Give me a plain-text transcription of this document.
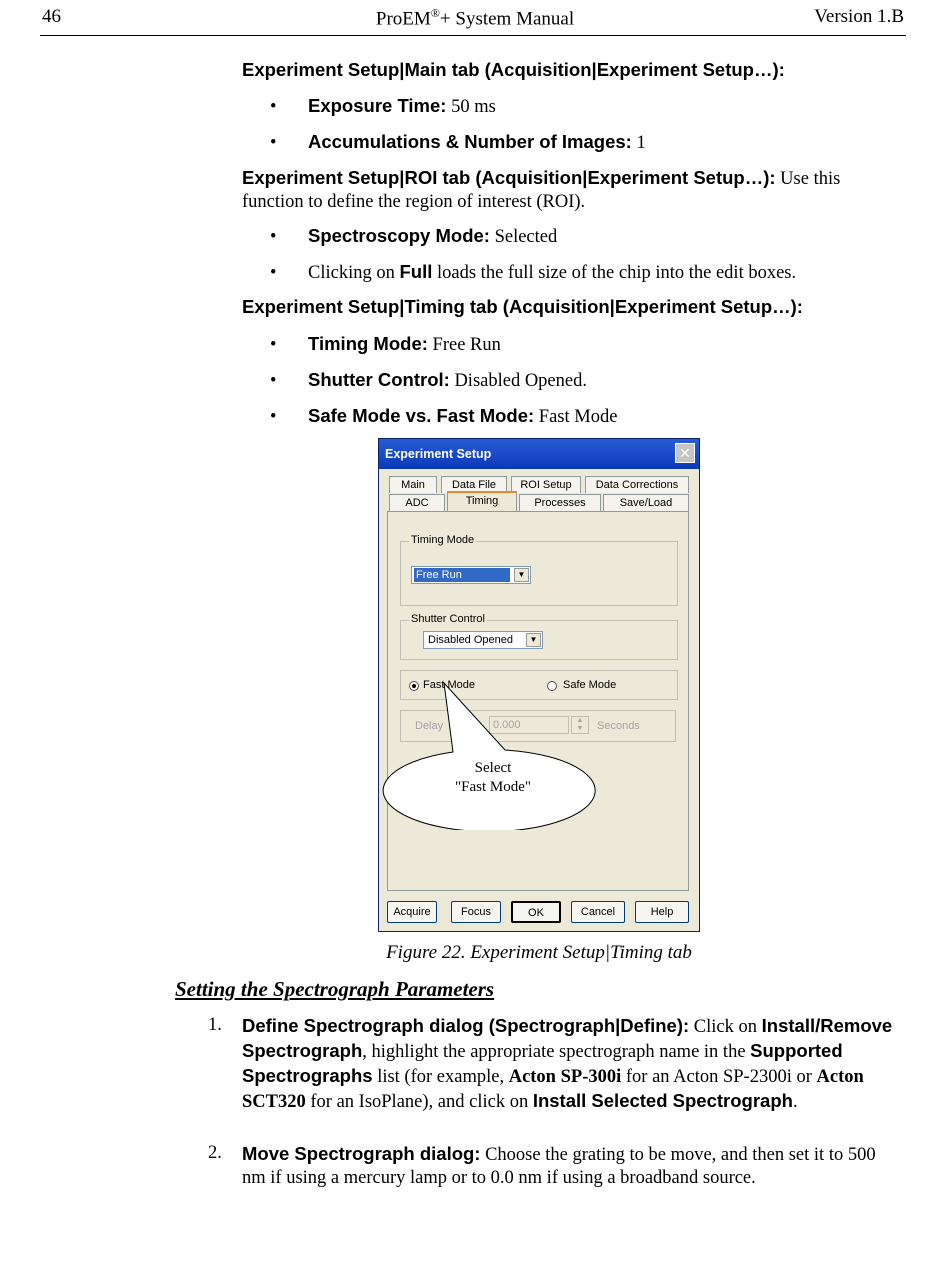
46	ProEM®+ System Manual	Version 1.B
Experiment Setup|Main tab (Acquisition|Experiment Setup…):
• Exposure Time: 50 ms
• Accumulations & Number of Images: 1
Experiment Setup|ROI tab (Acquisition|Experiment Setup…): Use this function to define the region of interest (ROI).
• Spectroscopy Mode: Selected
• Clicking on Full loads the full size of the chip into the edit boxes.
Experiment Setup|Timing tab (Acquisition|Experiment Setup…):
• Timing Mode: Free Run
• Shutter Control: Disabled Opened.
• Safe Mode vs. Fast Mode: Fast Mode
Experiment Setup	✕
Main	Data File	ROI Setup	Data Corrections
ADC	Timing	Processes	Save/Load
Timing Mode
Free Run	▼
Shutter Control
Disabled Opened	▼
Fast Mode	Safe Mode
Delay	0.000	▲
▼	Seconds
Acquire	Focus	OK	Cancel	Help
Select
"Fast Mode"
Figure 22. Experiment Setup|Timing tab
Setting the Spectrograph Parameters
1. Define Spectrograph dialog (Spectrograph|Define): Click on Install/Remove Spectrograph, highlight the appropriate spectrograph name in the Supported Spectrographs list (for example, Acton SP-300i for an Acton SP-2300i or Acton SCT320 for an IsoPlane), and click on Install Selected Spectrograph.
2. Move Spectrograph dialog: Choose the grating to be move, and then set it to 500 nm if using a mercury lamp or to 0.0 nm if using a broadband source.
